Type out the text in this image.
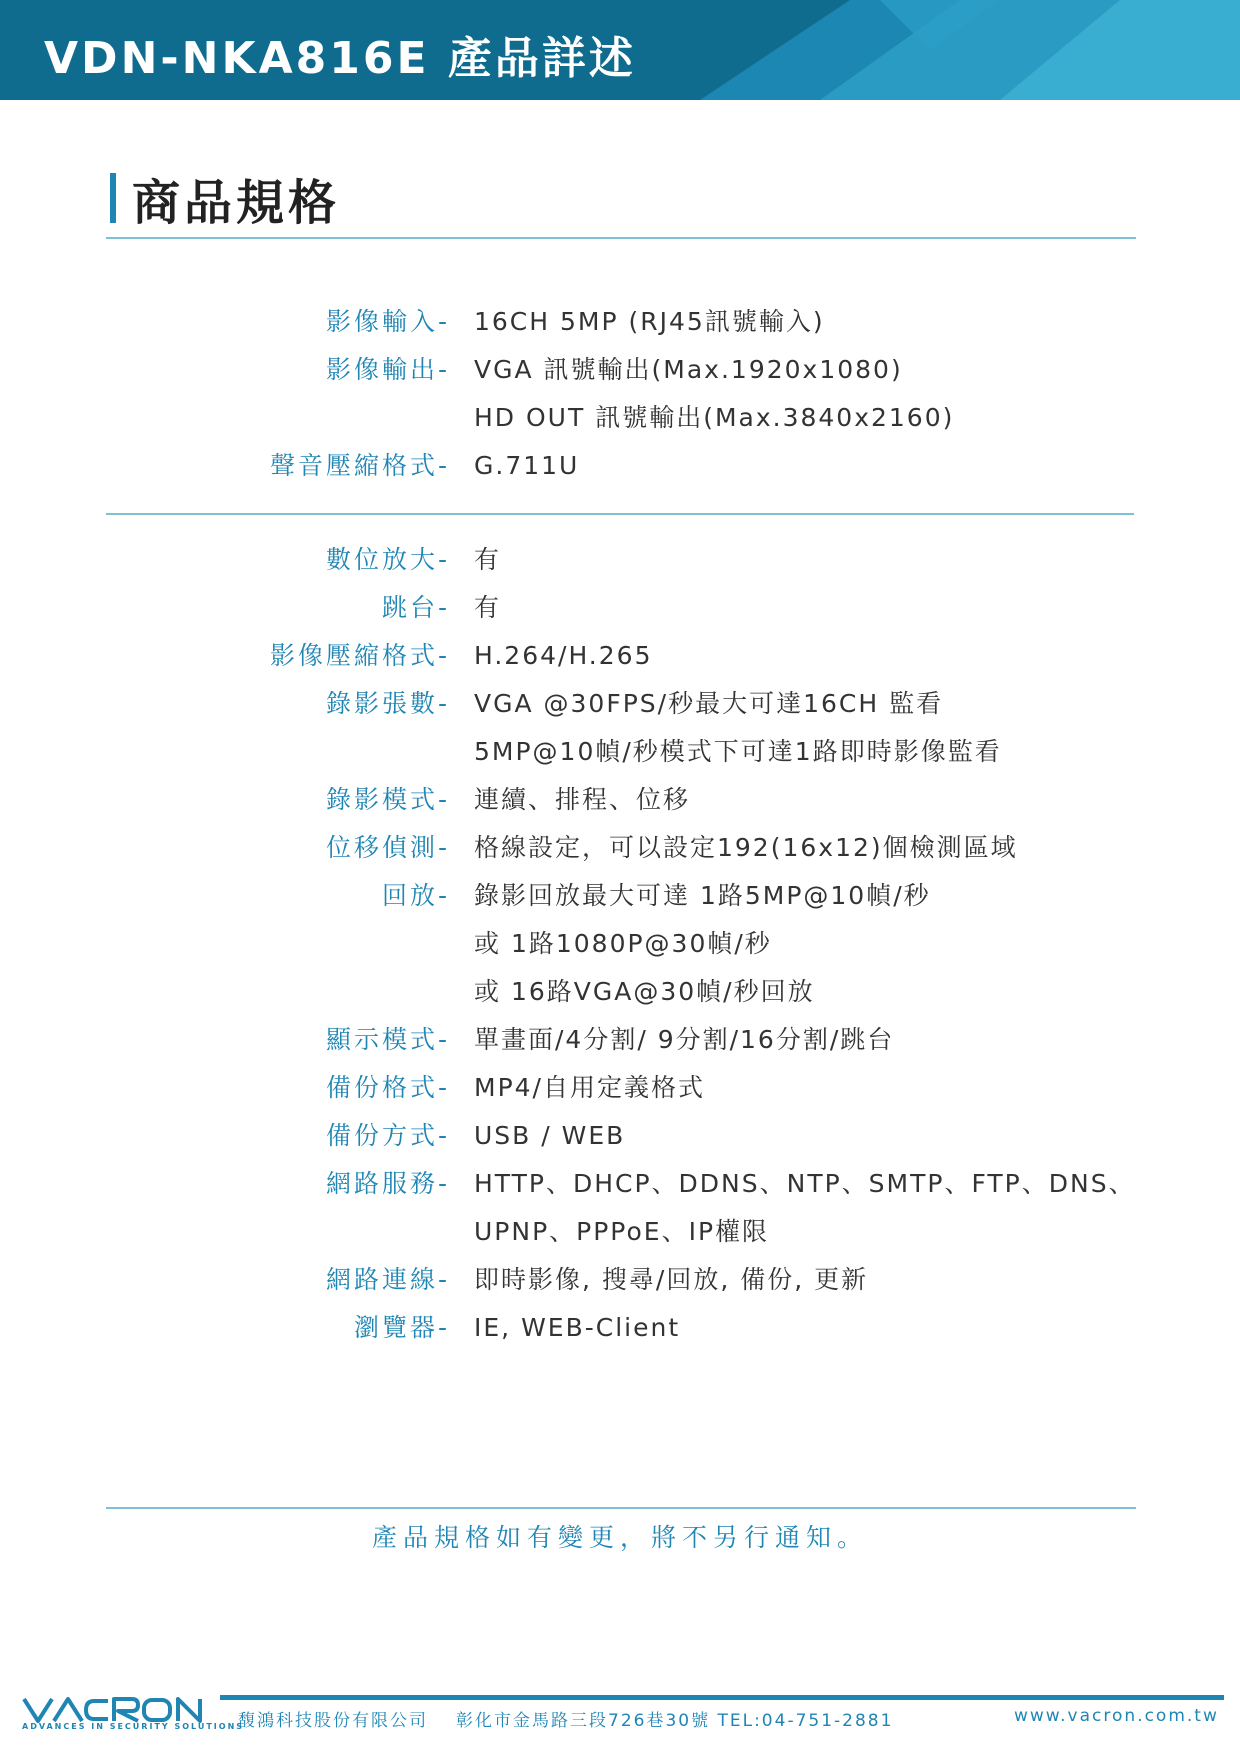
VDN-NKA816E 產品詳述
商品規格
影像輸入- 16CH 5MP (RJ45訊號輸入)
影像輸出- VGA 訊號輸出(Max.1920x1080)
HD OUT 訊號輸出(Max.3840x2160)
聲音壓縮格式- G.711U
數位放大- 有
跳台- 有
影像壓縮格式- H.264/H.265
錄影張數- VGA @30FPS/秒最大可達16CH 監看
5MP@10幀/秒模式下可達1路即時影像監看
錄影模式- 連續、排程、位移
位移偵測- 格線設定，可以設定192(16x12)個檢測區域
回放- 錄影回放最大可達 1路5MP@10幀/秒
或 1路1080P@30幀/秒
或 16路VGA@30幀/秒回放
顯示模式- 單畫面/4分割/ 9分割/16分割/跳台
備份格式- MP4/自用定義格式
備份方式- USB / WEB
網路服務- HTTP、DHCP、DDNS、NTP、SMTP、FTP、DNS、
UPNP、PPPoE、IP權限
網路連線- 即時影像, 搜尋/回放, 備份, 更新
瀏覽器- IE, WEB-Client
產品規格如有變更，將不另行通知。
ADVANCES IN SECURITY SOLUTIONS
馥鴻科技股份有限公司 彰化市金馬路三段726巷30號 TEL:04-751-2881	www.vacron.com.tw
